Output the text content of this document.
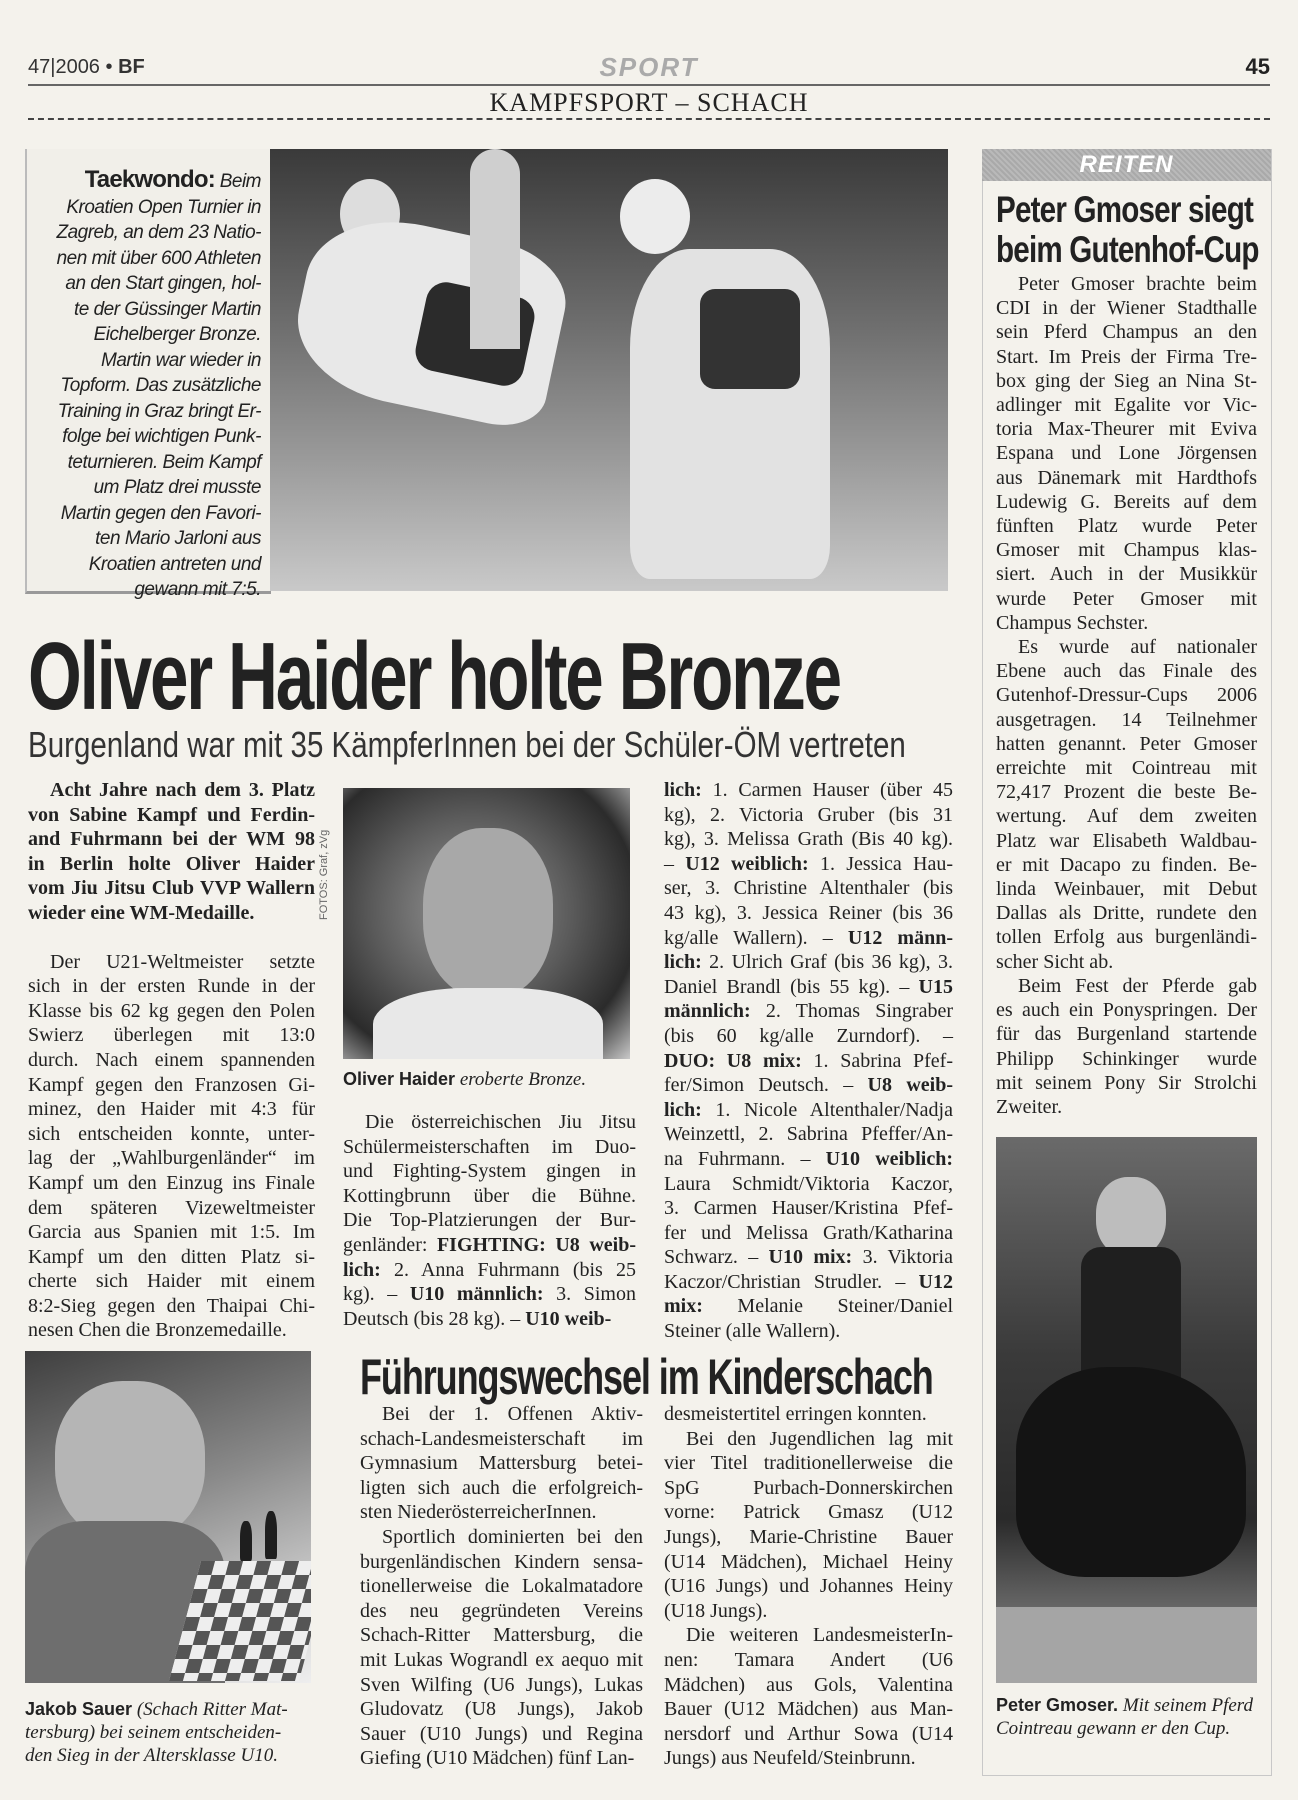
47|2006 • BF	SPORT	45
KAMPFSPORT – SCHACH
Taekwondo: Beim
Kroatien Open Turnier in
Zagreb, an dem 23 Natio-
nen mit über 600 Athleten
an den Start gingen, hol-
te der Güssinger Martin
Eichelberger Bronze.
Martin war wieder in
Topform. Das zusätzliche
Training in Graz bringt Er-
folge bei wichtigen Punk-
teturnieren. Beim Kampf
um Platz drei musste
Martin gegen den Favori-
ten Mario Jarloni aus
Kroatien antreten und
gewann mit 7:5.
Oliver Haider holte Bronze
Burgenland war mit 35 KämpferInnen bei der Schüler-ÖM vertreten
Acht Jahre nach dem 3. Platz
von Sabine Kampf und Ferdin-
and Fuhrmann bei der WM 98
in Berlin holte Oliver Haider
vom Jiu Jitsu Club VVP Wallern
wieder eine WM-Medaille.
Der U21-Weltmeister setzte
sich in der ersten Runde in der
Klasse bis 62 kg gegen den Polen
Swierz überlegen mit 13:0
durch. Nach einem spannenden
Kampf gegen den Franzosen Gi-
minez, den Haider mit 4:3 für
sich entscheiden konnte, unter-
lag der „Wahlburgenländer“ im
Kampf um den Einzug ins Finale
dem späteren Vizeweltmeister
Garcia aus Spanien mit 1:5. Im
Kampf um den ditten Platz si-
cherte sich Haider mit einem
8:2-Sieg gegen den Thaipai Chi-
nesen Chen die Bronzemedaille.
FOTOS: Graf, zVg
Oliver Haider eroberte Bronze.
Die österreichischen Jiu Jitsu
Schülermeisterschaften im Duo-
und Fighting-System gingen in
Kottingbrunn über die Bühne.
Die Top-Platzierungen der Bur-
genländer: FIGHTING: U8 weib-
lich: 2. Anna Fuhrmann (bis 25
kg). – U10 männlich: 3. Simon
Deutsch (bis 28 kg). – U10 weib-
lich: 1. Carmen Hauser (über 45
kg), 2. Victoria Gruber (bis 31
kg), 3. Melissa Grath (Bis 40 kg).
– U12 weiblich: 1. Jessica Hau-
ser, 3. Christine Altenthaler (bis
43 kg), 3. Jessica Reiner (bis 36
kg/alle Wallern). – U12 männ-
lich: 2. Ulrich Graf (bis 36 kg), 3.
Daniel Brandl (bis 55 kg). – U15
männlich: 2. Thomas Singraber
(bis 60 kg/alle Zurndorf). –
DUO: U8 mix: 1. Sabrina Pfef-
fer/Simon Deutsch. – U8 weib-
lich: 1. Nicole Altenthaler/Nadja
Weinzettl, 2. Sabrina Pfeffer/An-
na Fuhrmann. – U10 weiblich:
Laura Schmidt/Viktoria Kaczor,
3. Carmen Hauser/Kristina Pfef-
fer und Melissa Grath/Katharina
Schwarz. – U10 mix: 3. Viktoria
Kaczor/Christian Strudler. – U12
mix: Melanie Steiner/Daniel
Steiner (alle Wallern).
Jakob Sauer (Schach Ritter Mat-
tersburg) bei seinem entscheiden-
den Sieg in der Altersklasse U10.
Führungswechsel im Kinderschach
Bei der 1. Offenen Aktiv-
schach-Landesmeisterschaft im
Gymnasium Mattersburg betei-
ligten sich auch die erfolgreich-
sten NiederösterreicherInnen.
Sportlich dominierten bei den
burgenländischen Kindern sensa-
tionellerweise die Lokalmatadore
des neu gegründeten Vereins
Schach-Ritter Mattersburg, die
mit Lukas Wograndl ex aequo mit
Sven Wilfing (U6 Jungs), Lukas
Gludovatz (U8 Jungs), Jakob
Sauer (U10 Jungs) und Regina
Giefing (U10 Mädchen) fünf Lan-
desmeistertitel erringen konnten.
Bei den Jugendlichen lag mit
vier Titel traditionellerweise die
SpG Purbach-Donnerskirchen
vorne: Patrick Gmasz (U12
Jungs), Marie-Christine Bauer
(U14 Mädchen), Michael Heiny
(U16 Jungs) und Johannes Heiny
(U18 Jungs).
Die weiteren LandesmeisterIn-
nen: Tamara Andert (U6
Mädchen) aus Gols, Valentina
Bauer (U12 Mädchen) aus Man-
nersdorf und Arthur Sowa (U14
Jungs) aus Neufeld/Steinbrunn.
REITEN
Peter Gmoser siegt
beim Gutenhof-Cup
Peter Gmoser brachte beim
CDI in der Wiener Stadthalle
sein Pferd Champus an den
Start. Im Preis der Firma Tre-
box ging der Sieg an Nina St-
adlinger mit Egalite vor Vic-
toria Max-Theurer mit Eviva
Espana und Lone Jörgensen
aus Dänemark mit Hardthofs
Ludewig G. Bereits auf dem
fünften Platz wurde Peter
Gmoser mit Champus klas-
siert. Auch in der Musikkür
wurde Peter Gmoser mit
Champus Sechster.
Es wurde auf nationaler
Ebene auch das Finale des
Gutenhof-Dressur-Cups 2006
ausgetragen. 14 Teilnehmer
hatten genannt. Peter Gmoser
erreichte mit Cointreau mit
72,417 Prozent die beste Be-
wertung. Auf dem zweiten
Platz war Elisabeth Waldbau-
er mit Dacapo zu finden. Be-
linda Weinbauer, mit Debut
Dallas als Dritte, rundete den
tollen Erfolg aus burgenländi-
scher Sicht ab.
Beim Fest der Pferde gab
es auch ein Ponyspringen. Der
für das Burgenland startende
Philipp Schinkinger wurde
mit seinem Pony Sir Strolchi
Zweiter.
Peter Gmoser. Mit seinem Pferd
Cointreau gewann er den Cup.
